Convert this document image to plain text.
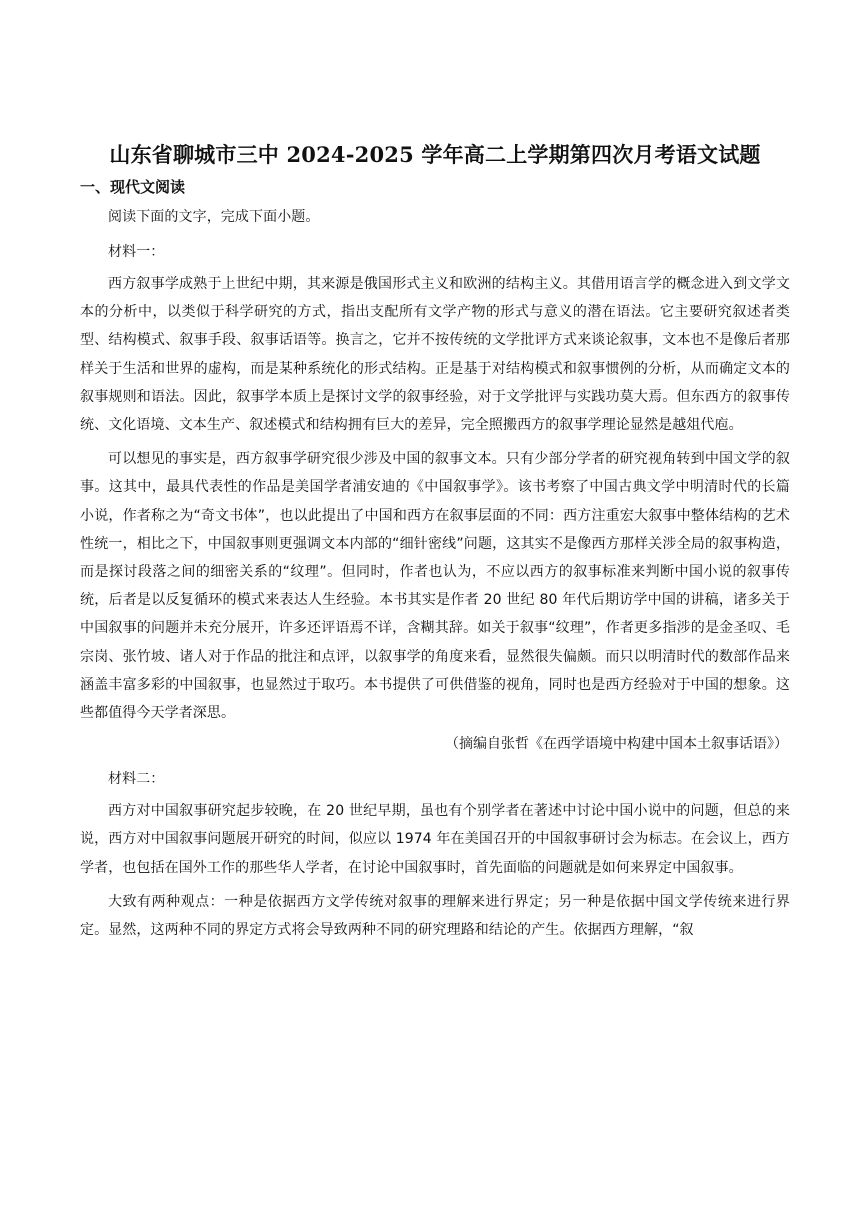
山东省聊城市三中 2024-2025 学年高二上学期第四次月考语文试题
一、现代文阅读

阅读下面的文字，完成下面小题。

材料一：

西方叙事学成熟于上世纪中期，其来源是俄国形式主义和欧洲的结构主义。其借用语言学的概念进入到文学文本的分析中，以类似于科学研究的方式，指出支配所有文学产物的形式与意义的潜在语法。它主要研究叙述者类型、结构模式、叙事手段、叙事话语等。换言之，它并不按传统的文学批评方式来谈论叙事，文本也不是像后者那样关于生活和世界的虚构，而是某种系统化的形式结构。正是基于对结构模式和叙事惯例的分析，从而确定文本的叙事规则和语法。因此，叙事学本质上是探讨文学的叙事经验，对于文学批评与实践功莫大焉。但东西方的叙事传统、文化语境、文本生产、叙述模式和结构拥有巨大的差异，完全照搬西方的叙事学理论显然是越俎代庖。

可以想见的事实是，西方叙事学研究很少涉及中国的叙事文本。只有少部分学者的研究视角转到中国文学的叙事。这其中，最具代表性的作品是美国学者浦安迪的《中国叙事学》。该书考察了中国古典文学中明清时代的长篇小说，作者称之为“奇文书体”，也以此提出了中国和西方在叙事层面的不同：西方注重宏大叙事中整体结构的艺术性统一，相比之下，中国叙事则更强调文本内部的“细针密线”问题，这其实不是像西方那样关涉全局的叙事构造，而是探讨段落之间的细密关系的“纹理”。但同时，作者也认为，不应以西方的叙事标准来判断中国小说的叙事传统，后者是以反复循环的模式来表达人生经验。本书其实是作者 20 世纪 80 年代后期访学中国的讲稿，诸多关于中国叙事的问题并未充分展开，许多还评语焉不详，含糊其辞。如关于叙事“纹理”，作者更多指涉的是金圣叹、毛宗岗、张竹坡、诸人对于作品的批注和点评，以叙事学的角度来看，显然很失偏颇。而只以明清时代的数部作品来涵盖丰富多彩的中国叙事，也显然过于取巧。本书提供了可供借鉴的视角，同时也是西方经验对于中国的想象。这些都值得今天学者深思。

（摘编自张哲《在西学语境中构建中国本土叙事话语》）

材料二：

西方对中国叙事研究起步较晚，在 20 世纪早期，虽也有个别学者在著述中讨论中国小说中的问题，但总的来说，西方对中国叙事问题展开研究的时间，似应以 1974 年在美国召开的中国叙事研讨会为标志。在会议上，西方学者，也包括在国外工作的那些华人学者，在讨论中国叙事时，首先面临的问题就是如何来界定中国叙事。

大致有两种观点：一种是依据西方文学传统对叙事的理解来进行界定；另一种是依据中国文学传统来进行界定。显然，这两种不同的界定方式将会导致两种不同的研究理路和结论的产生。依据西方理解，“叙
